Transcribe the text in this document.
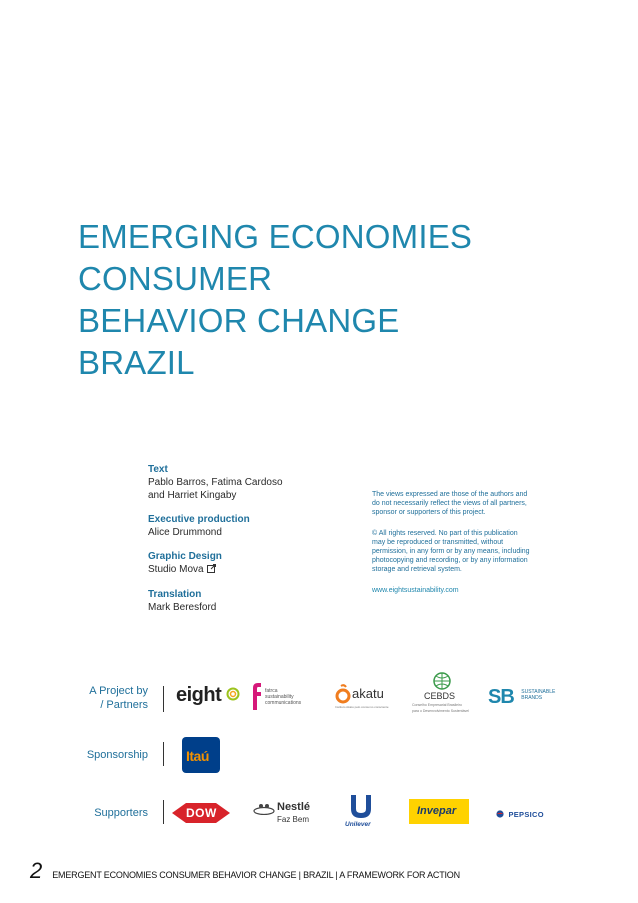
EMERGING ECONOMIES
CONSUMER
BEHAVIOR CHANGE
BRAZIL
Text
Pablo Barros, Fatima Cardoso
and Harriet Kingaby
Executive production
Alice Drummond
Graphic Design
Studio Mova
Translation
Mark Beresford

The views expressed are those of the authors and do not necessarily reflect the views of all partners, sponsor or supporters of this project.

© All rights reserved. No part of this publication may be reproduced or transmitted, without permission, in any form or by any means, including photocopying and recording, or by any information storage and retrieval system.

www.eightsustainability.com

A Project by
/ Partners
Sponsorship
Supporters
eight	fatrca
sustainability
communications
akatu
Instituto Akatu pelo consumo consciente
CEBDS
Conselho Empresarial Brasileiro
para o Desenvolvimento Sustentável
SB SUSTAINABLE
BRANDS
Itaú
DOW	Nestlé
Faz Bem
Unilever
Invepar	PEPSICO
2 EMERGENT ECONOMIES CONSUMER BEHAVIOR CHANGE | BRAZIL | A FRAMEWORK FOR ACTION
